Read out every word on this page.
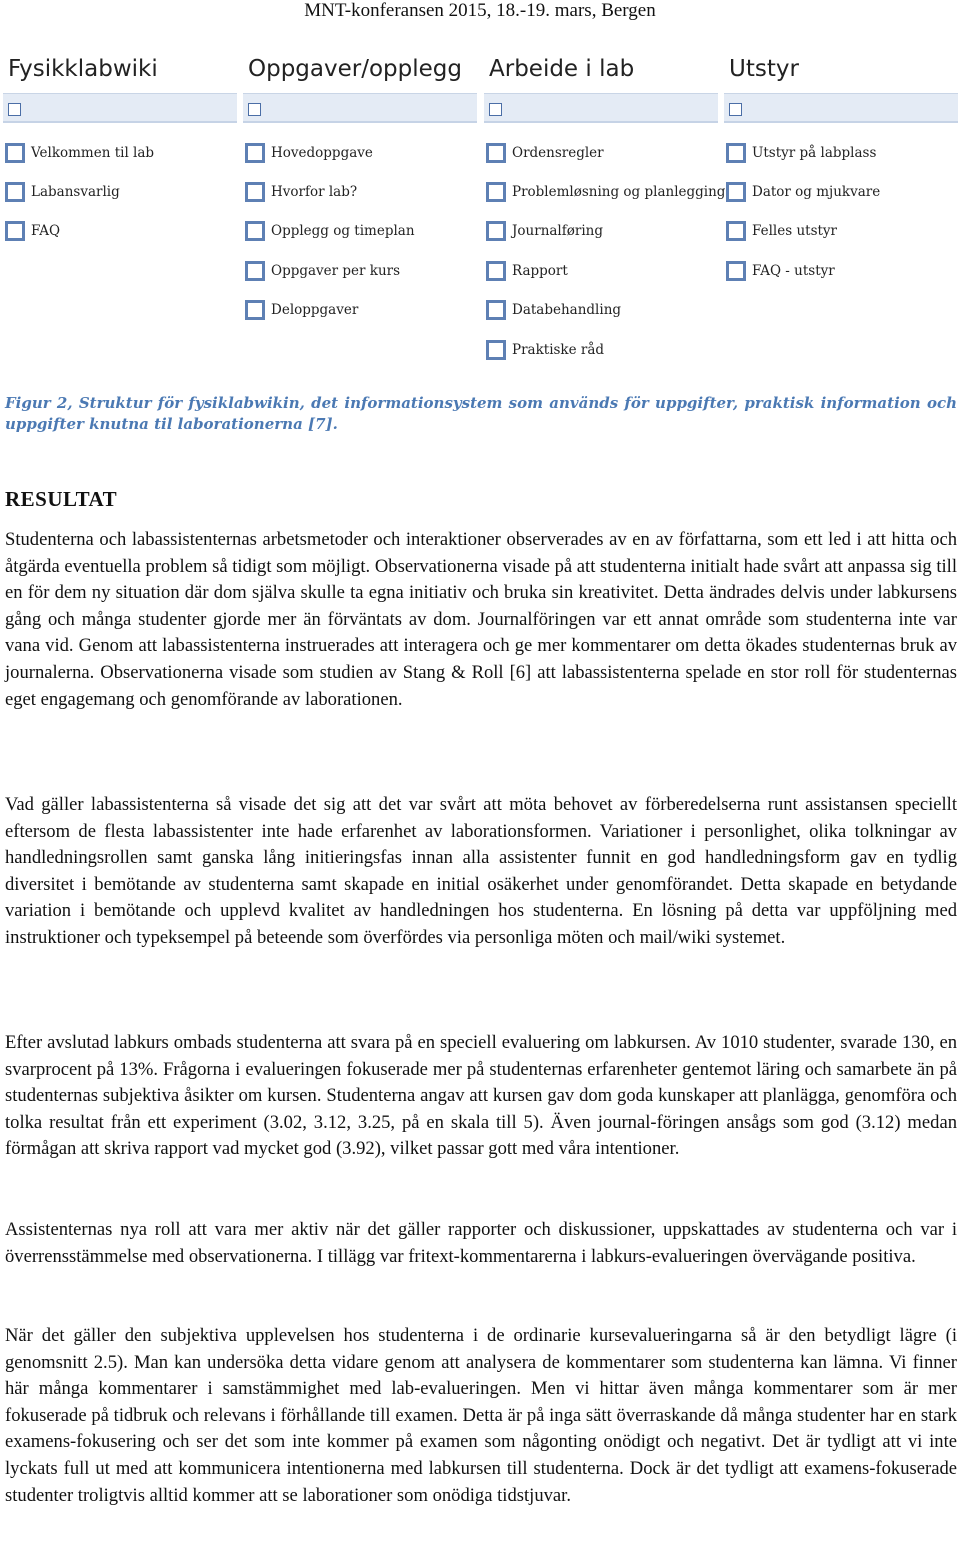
MNT-konferansen 2015, 18.-19. mars, Bergen
Fysikklabwiki
Velkommen til lab
Labansvarlig
FAQ
Oppgaver/opplegg
Hovedoppgave
Hvorfor lab?
Opplegg og timeplan
Oppgaver per kurs
Deloppgaver
Arbeide i lab
Ordensregler
Problemløsning og planlegging
Journalføring
Rapport
Databehandling
Praktiske råd
Utstyr
Utstyr på labplass
Dator og mjukvare
Felles utstyr
FAQ - utstyr

Figur 2, Struktur för fysiklabwikin, det informationsystem som används för uppgifter, praktisk information och uppgifter knutna til laborationerna [7].

RESULTAT

Studenterna och labassistenternas arbetsmetoder och interaktioner observerades av en av författarna, som ett led i att hitta och åtgärda eventuella problem så tidigt som möjligt. Observationerna visade på att studenterna initialt hade svårt att anpassa sig till en för dem ny situation där dom själva skulle ta egna initiativ och bruka sin kreativitet. Detta ändrades delvis under labkursens gång och många studenter gjorde mer än förväntats av dom. Journalföringen var ett annat område som studenterna inte var vana vid. Genom att labassistenterna instruerades att interagera och ge mer kommentarer om detta ökades studenternas bruk av journalerna. Observationerna visade som studien av Stang & Roll [6] att labassistenterna spelade en stor roll för studenternas eget engagemang och genomförande av laborationen.

Vad gäller labassistenterna så visade det sig att det var svårt att möta behovet av förberedelserna runt assistansen speciellt eftersom de flesta labassistenter inte hade erfarenhet av laborationsformen. Variationer i personlighet, olika tolkningar av handledningsrollen samt ganska lång initieringsfas innan alla assistenter funnit en god handledningsform gav en tydlig diversitet i bemötande av studenterna samt skapade en initial osäkerhet under genomförandet. Detta skapade en betydande variation i bemötande och upplevd kvalitet av handledningen hos studenterna. En lösning på detta var uppföljning med instruktioner och typeksempel på beteende som överfördes via personliga möten och mail/wiki systemet.

Efter avslutad labkurs ombads studenterna att svara på en speciell evaluering om labkursen. Av 1010 studenter, svarade 130, en svarprocent på 13%. Frågorna i evalueringen fokuserade mer på studenternas erfarenheter gentemot läring och samarbete än på studenternas subjektiva åsikter om kursen. Studenterna angav att kursen gav dom goda kunskaper att planlägga, genomföra och tolka resultat från ett experiment (3.02, 3.12, 3.25, på en skala till 5). Även journal-föringen ansågs som god (3.12) medan förmågan att skriva rapport vad mycket god (3.92), vilket passar gott med våra intentioner.

Assistenternas nya roll att vara mer aktiv när det gäller rapporter och diskussioner, uppskattades av studenterna och var i överrensstämmelse med observationerna. I tillägg var fritext-kommentarerna i labkurs-evalueringen övervägande positiva.

När det gäller den subjektiva upplevelsen hos studenterna i de ordinarie kursevalueringarna så är den betydligt lägre (i genomsnitt 2.5). Man kan undersöka detta vidare genom att analysera de kommentarer som studenterna kan lämna. Vi finner här många kommentarer i samstämmighet med lab-evalueringen. Men vi hittar även många kommentarer som är mer fokuserade på tidbruk och relevans i förhållande till examen. Detta är på inga sätt överraskande då många studenter har en stark examens-fokusering och ser det som inte kommer på examen som någonting onödigt och negativt. Det är tydligt att vi inte lyckats full ut med att kommunicera intentionerna med labkursen till studenterna. Dock är det tydligt att examens-fokuserade studenter troligtvis alltid kommer att se laborationer som onödiga tidstjuvar.
